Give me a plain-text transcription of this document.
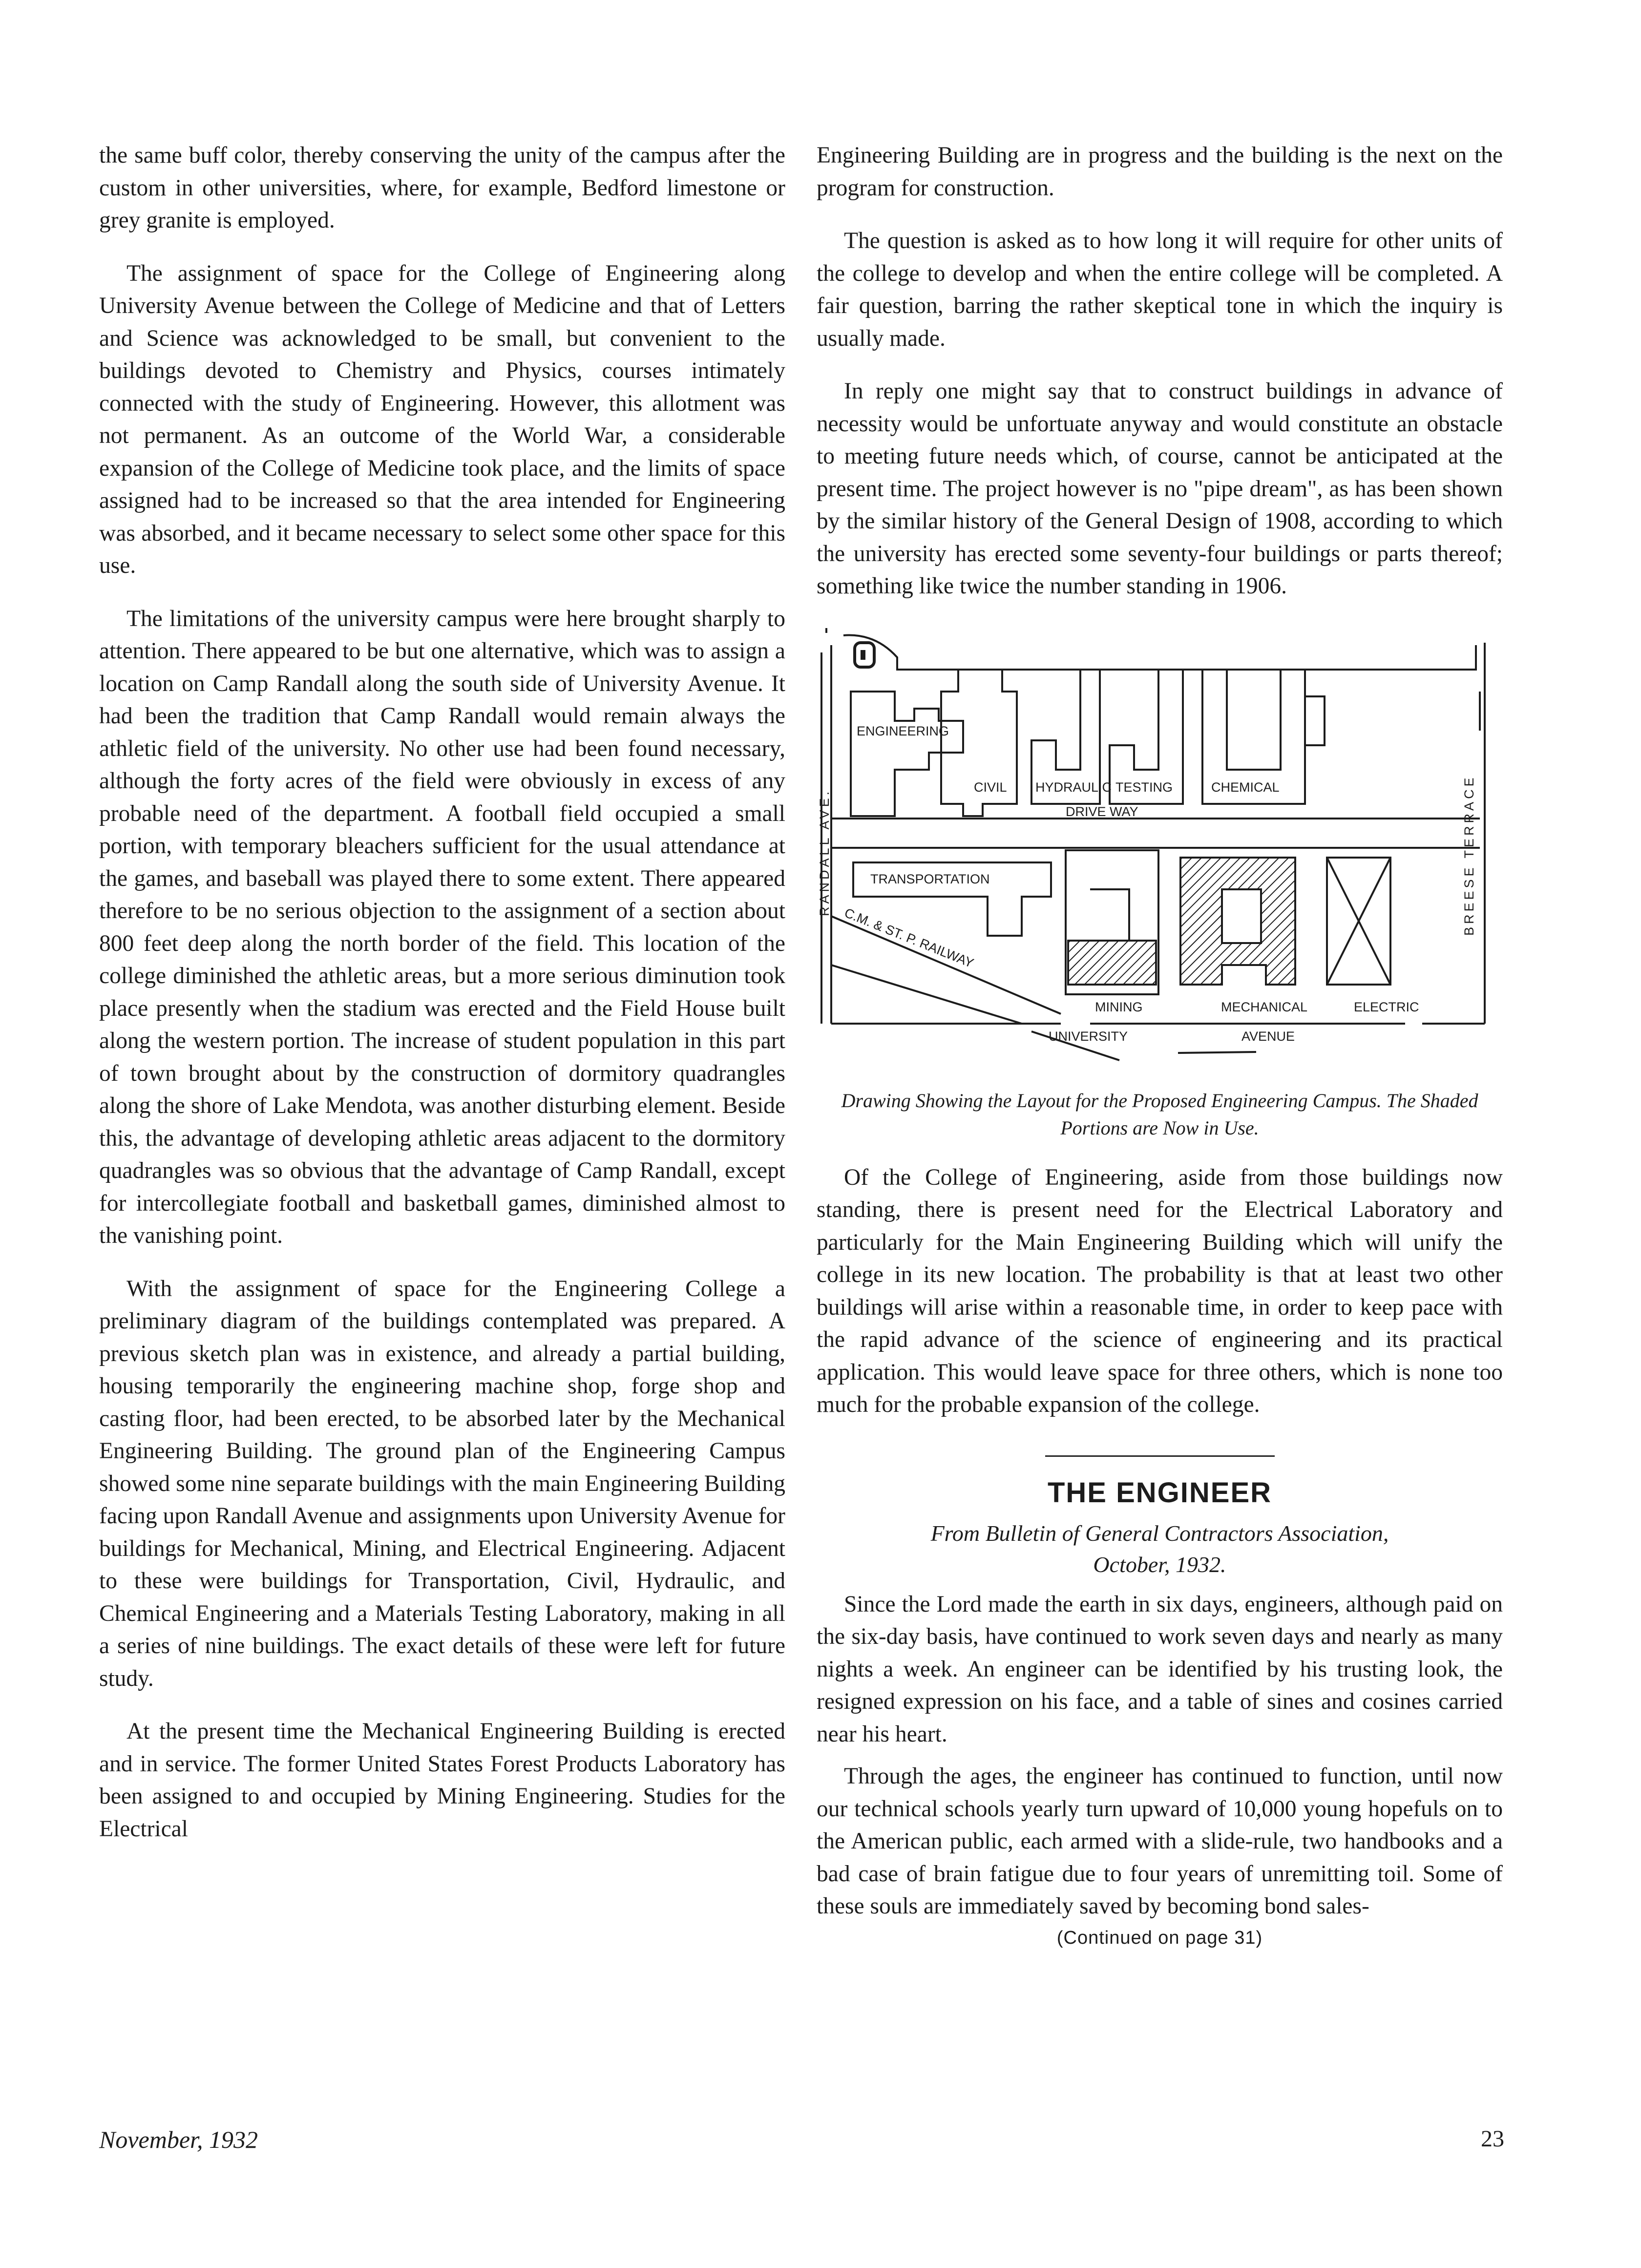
the same buff color, thereby conserving the unity of the campus after the custom in other universities, where, for example, Bedford limestone or grey granite is employed.

The assignment of space for the College of Engineering along University Avenue between the College of Medicine and that of Letters and Science was acknowledged to be small, but convenient to the buildings devoted to Chemistry and Physics, courses intimately connected with the study of Engineering. However, this allotment was not permanent. As an outcome of the World War, a considerable expansion of the College of Medicine took place, and the limits of space assigned had to be increased so that the area intended for Engineering was absorbed, and it became necessary to select some other space for this use.

The limitations of the university campus were here brought sharply to attention. There appeared to be but one alternative, which was to assign a location on Camp Randall along the south side of University Avenue. It had been the tradition that Camp Randall would remain always the athletic field of the university. No other use had been found necessary, although the forty acres of the field were obviously in excess of any probable need of the department. A football field occupied a small portion, with temporary bleachers sufficient for the usual attendance at the games, and baseball was played there to some extent. There appeared therefore to be no serious objection to the assignment of a section about 800 feet deep along the north border of the field. This location of the college diminished the athletic areas, but a more serious diminution took place presently when the stadium was erected and the Field House built along the western portion. The increase of student population in this part of town brought about by the construction of dormitory quadrangles along the shore of Lake Mendota, was another disturbing element. Beside this, the advantage of developing athletic areas adjacent to the dormitory quadrangles was so obvious that the advantage of Camp Randall, except for intercollegiate football and basketball games, diminished almost to the vanishing point.

With the assignment of space for the Engineering College a preliminary diagram of the buildings contemplated was prepared. A previous sketch plan was in existence, and already a partial building, housing temporarily the engineering machine shop, forge shop and casting floor, had been erected, to be absorbed later by the Mechanical Engineering Building. The ground plan of the Engineering Campus showed some nine separate buildings with the main Engineering Building facing upon Randall Avenue and assignments upon University Avenue for buildings for Mechanical, Mining, and Electrical Engineering. Adjacent to these were buildings for Transportation, Civil, Hydraulic, and Chemical Engineering and a Materials Testing Laboratory, making in all a series of nine buildings. The exact details of these were left for future study.

At the present time the Mechanical Engineering Building is erected and in service. The former United States Forest Products Laboratory has been assigned to and occupied by Mining Engineering. Studies for the Electrical

Engineering Building are in progress and the building is the next on the program for construction.

The question is asked as to how long it will require for other units of the college to develop and when the entire college will be completed. A fair question, barring the rather skeptical tone in which the inquiry is usually made.

In reply one might say that to construct buildings in advance of necessity would be unfortuate anyway and would constitute an obstacle to meeting future needs which, of course, cannot be anticipated at the present time. The project however is no "pipe dream", as has been shown by the similar history of the General Design of 1908, according to which the university has erected some seventy-four buildings or parts thereof; something like twice the number standing in 1906.

ENGINEERING
CIVIL HYDRAULIC TESTING	CHEMICAL
DRIVE WAY
TRANSPORTATION
C.M. & ST. P. RAILWAY
MINING	MECHANICAL	ELECTRIC
UNIVERSITY	AVENUE
RANDALL AVE.	BREESE TERRACE

Drawing Showing the Layout for the Proposed Engineering Campus. The Shaded Portions are Now in Use.

Of the College of Engineering, aside from those buildings now standing, there is present need for the Electrical Laboratory and particularly for the Main Engineering Building which will unify the college in its new location. The probability is that at least two other buildings will arise within a reasonable time, in order to keep pace with the rapid advance of the science of engineering and its practical application. This would leave space for three others, which is none too much for the probable expansion of the college.

THE ENGINEER
From Bulletin of General Contractors Association,
October, 1932.

Since the Lord made the earth in six days, engineers, although paid on the six-day basis, have continued to work seven days and nearly as many nights a week. An engineer can be identified by his trusting look, the resigned expression on his face, and a table of sines and cosines carried near his heart.

Through the ages, the engineer has continued to function, until now our technical schools yearly turn upward of 10,000 young hopefuls on to the American public, each armed with a slide-rule, two handbooks and a bad case of brain fatigue due to four years of unremitting toil. Some of these souls are immediately saved by becoming bond sales-

(Continued on page 31)
November, 1932	23
